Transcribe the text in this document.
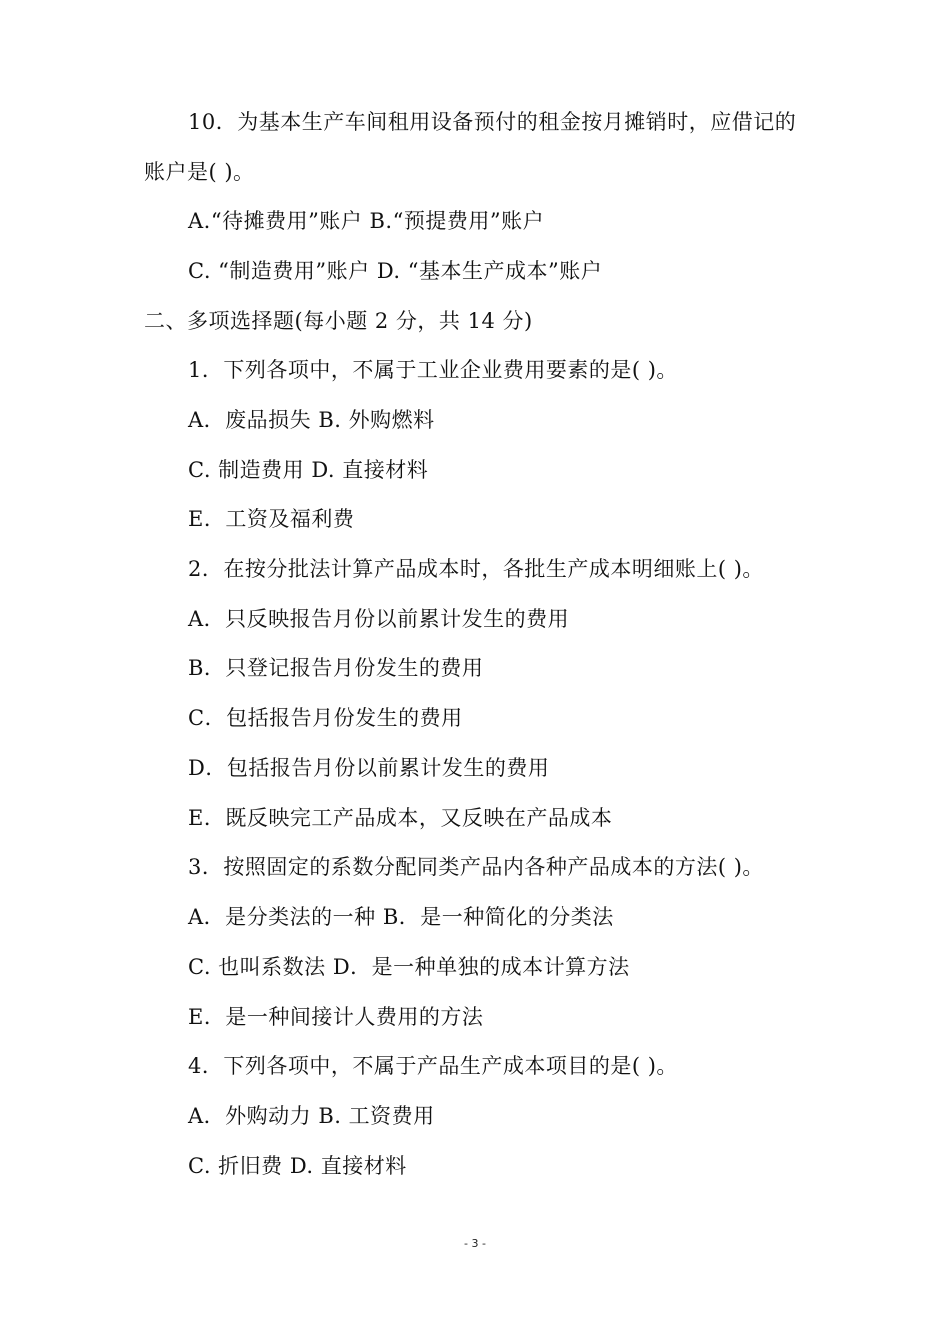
10．为基本生产车间租用设备预付的租金按月摊销时，应借记的
账户是( )。
A.“待摊费用”账户 B.“预提费用”账户
C. “制造费用”账户 D. “基本生产成本”账户
二、多项选择题(每小题 2 分，共 14 分)
1．下列各项中，不属于工业企业费用要素的是( )。
A．废品损失 B. 外购燃料
C. 制造费用 D. 直接材料
E．工资及福利费
2．在按分批法计算产品成本时，各批生产成本明细账上( )。
A．只反映报告月份以前累计发生的费用
B．只登记报告月份发生的费用
C．包括报告月份发生的费用
D．包括报告月份以前累计发生的费用
E．既反映完工产品成本，又反映在产品成本
3．按照固定的系数分配同类产品内各种产品成本的方法( )。
A．是分类法的一种 B．是一种简化的分类法
C. 也叫系数法 D．是一种单独的成本计算方法
E．是一种间接计人费用的方法
4．下列各项中，不属于产品生产成本项目的是( )。
A．外购动力 B. 工资费用
C. 折旧费 D. 直接材料
- 3 -
